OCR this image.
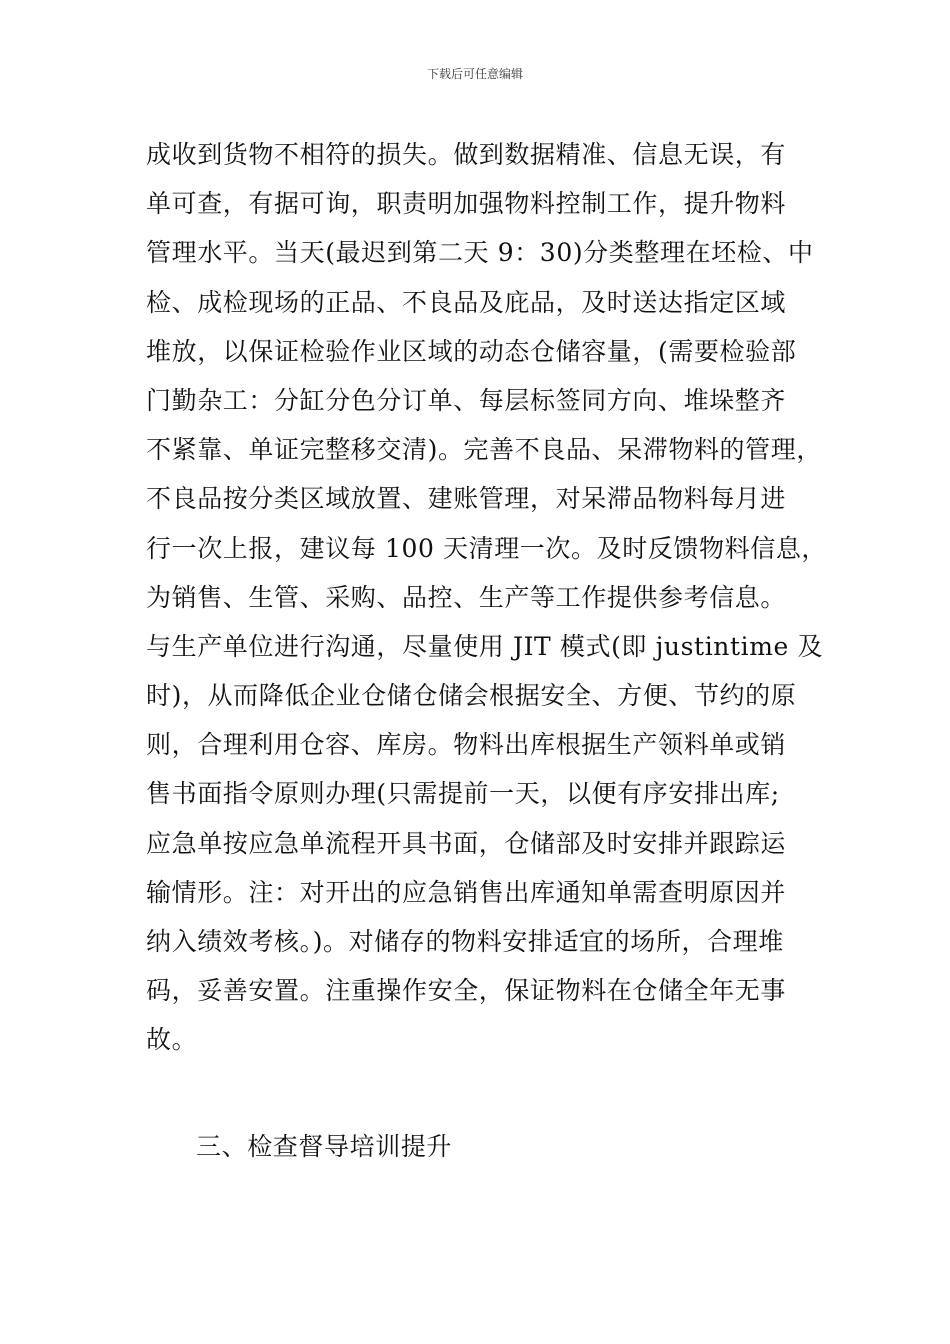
下载后可任意编辑
成收到货物不相符的损失。做到数据精准、信息无误，有
单可查，有据可询，职责明加强物料控制工作，提升物料
管理水平。当天(最迟到第二天 9：30)分类整理在坯检、中
检、成检现场的正品、不良品及庇品，及时送达指定区域
堆放，以保证检验作业区域的动态仓储容量，(需要检验部
门勤杂工：分缸分色分订单、每层标签同方向、堆垛整齐
不紧靠、单证完整移交清)。完善不良品、呆滞物料的管理，
不良品按分类区域放置、建账管理，对呆滞品物料每月进
行一次上报，建议每 100 天清理一次。及时反馈物料信息，
为销售、生管、采购、品控、生产等工作提供参考信息。
与生产单位进行沟通，尽量使用 JIT 模式(即 justintime 及
时)，从而降低企业仓储仓储会根据安全、方便、节约的原
则，合理利用仓容、库房。物料出库根据生产领料单或销
售书面指令原则办理(只需提前一天，以便有序安排出库;
应急单按应急单流程开具书面，仓储部及时安排并跟踪运
输情形。注：对开出的应急销售出库通知单需查明原因并
纳入绩效考核。)。对储存的物料安排适宜的场所，合理堆
码，妥善安置。注重操作安全，保证物料在仓储全年无事
故。
三、检查督导培训提升
